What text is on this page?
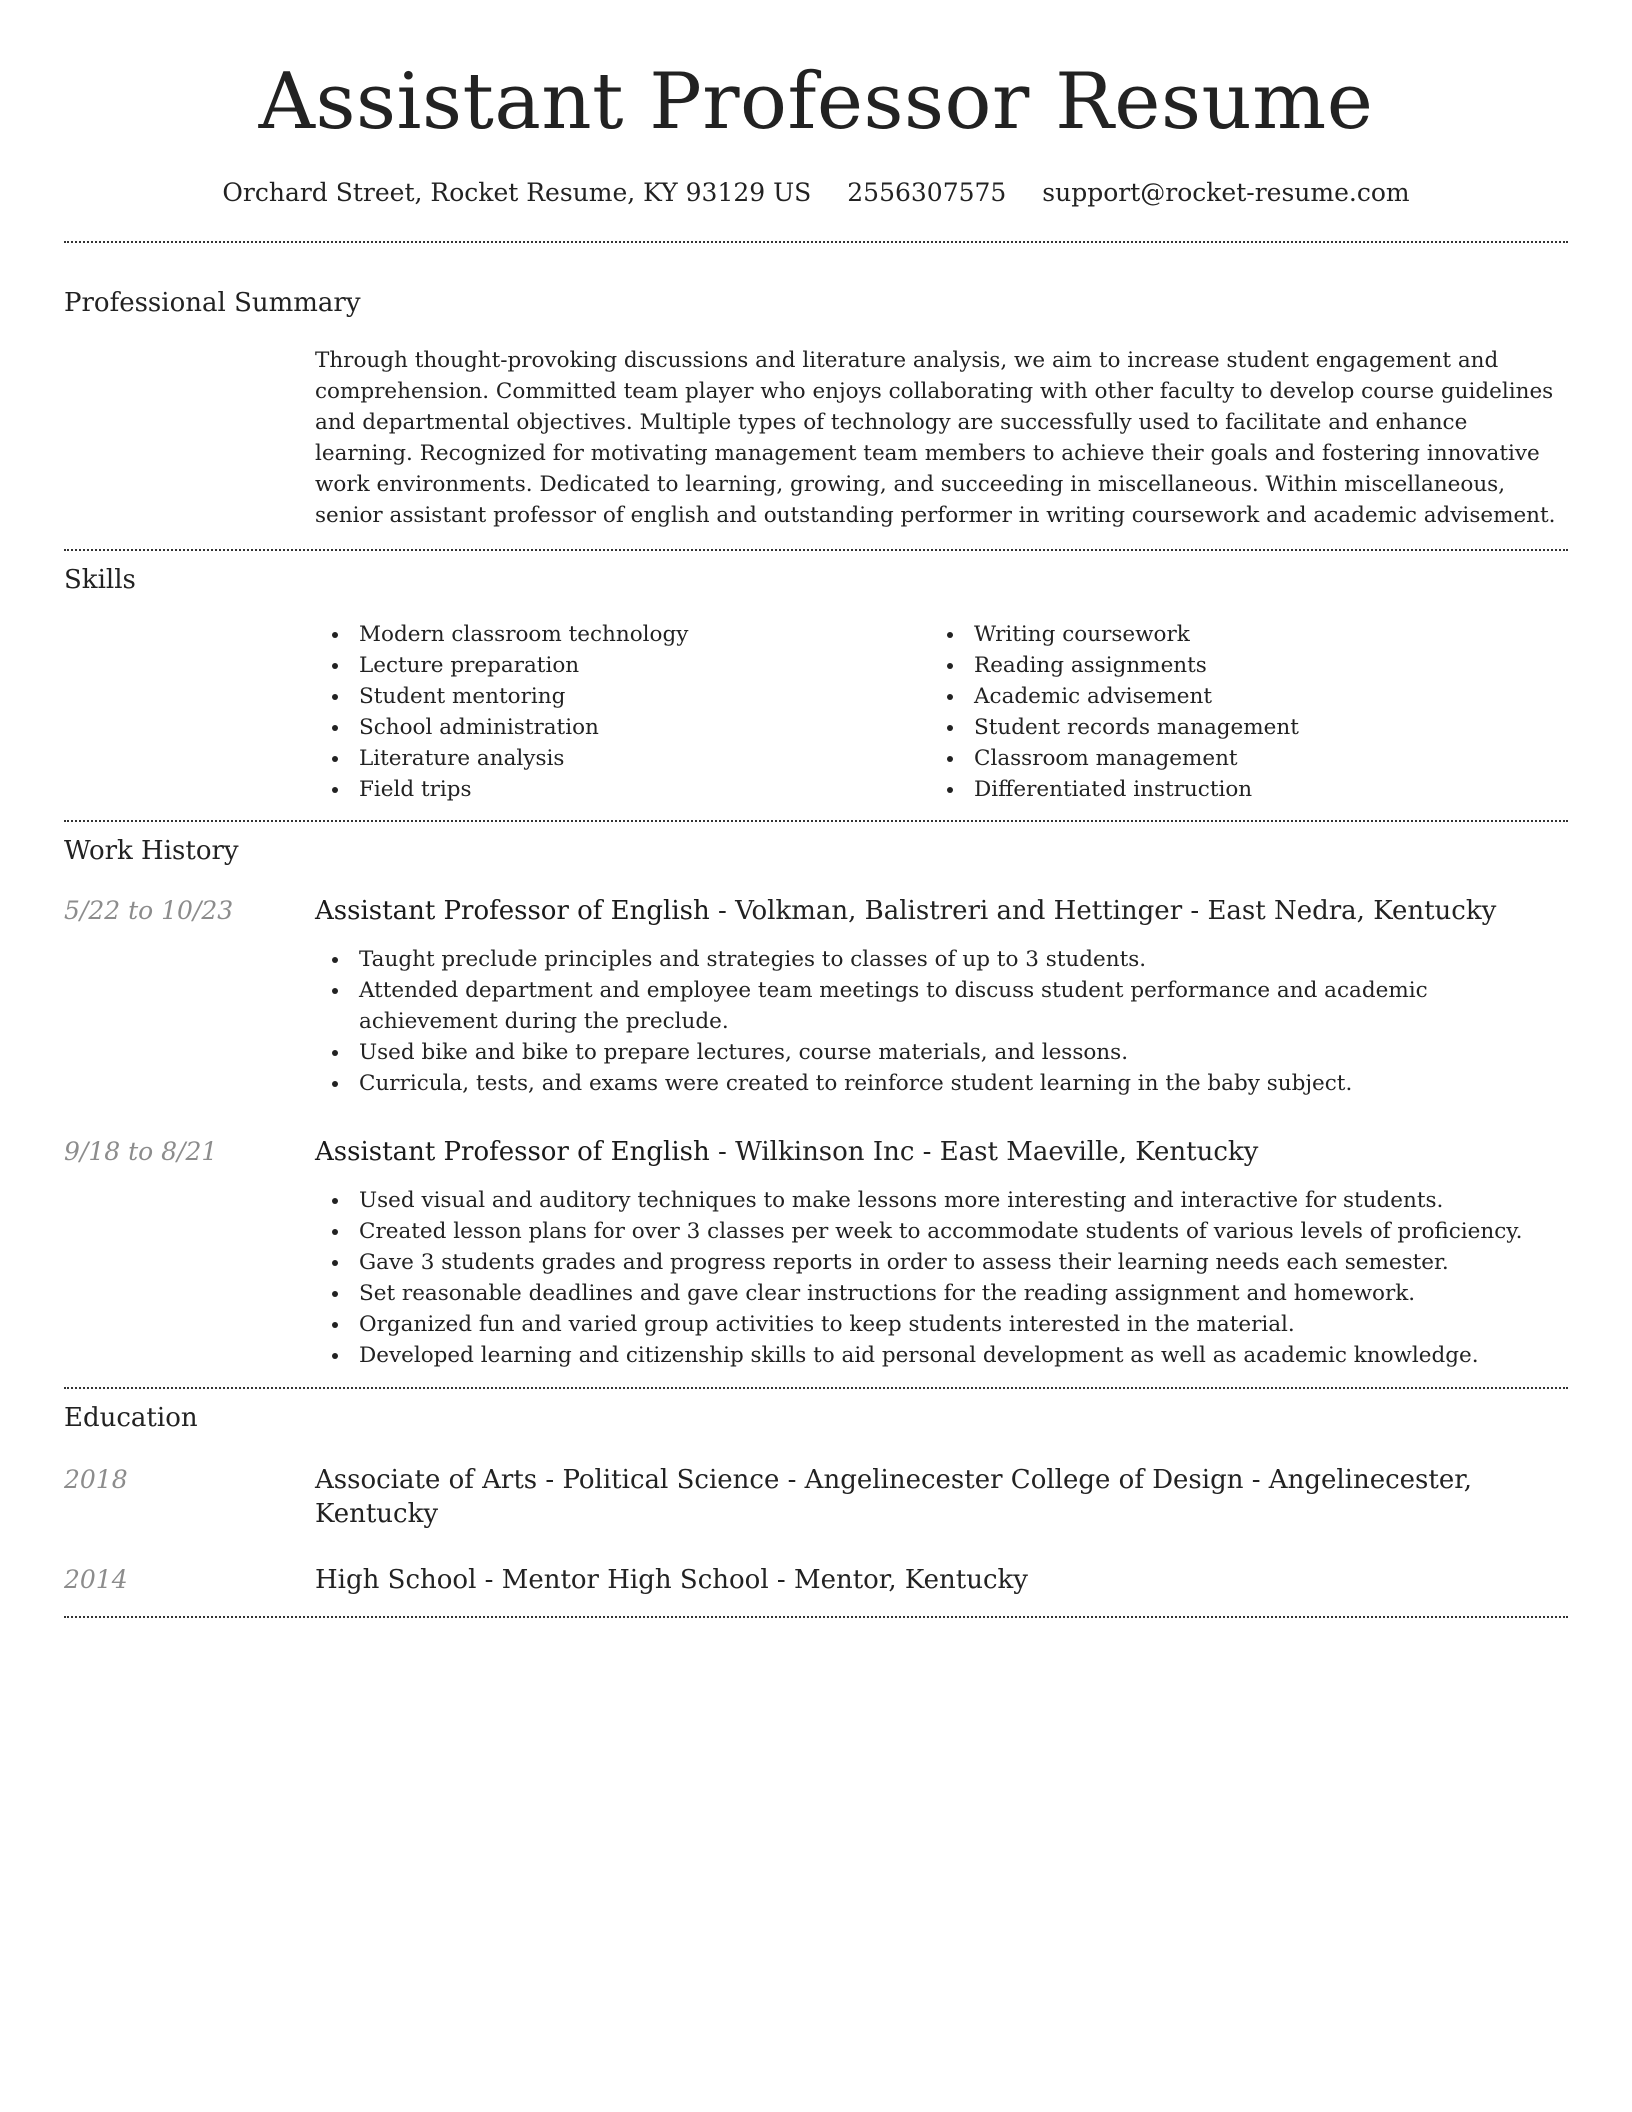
Assistant Professor Resume
Orchard Street, Rocket Resume, KY 93129 US 2556307575 support@rocket-resume.com
Professional Summary

Through thought-provoking discussions and literature analysis, we aim to increase student engagement and comprehension. Committed team player who enjoys collaborating with other faculty to develop course guidelines and departmental objectives. Multiple types of technology are successfully used to facilitate and enhance learning. Recognized for motivating management team members to achieve their goals and fostering innovative work environments. Dedicated to learning, growing, and succeeding in miscellaneous. Within miscellaneous, senior assistant professor of english and outstanding performer in writing coursework and academic advisement.

Skills
Modern classroom technology
Lecture preparation
Student mentoring
School administration
Literature analysis
Field trips
Writing coursework
Reading assignments
Academic advisement
Student records management
Classroom management
Differentiated instruction
Work History
5/22 to 10/23	Assistant Professor of English - Volkman, Balistreri and Hettinger - East Nedra, Kentucky
Taught preclude principles and strategies to classes of up to 3 students.
Attended department and employee team meetings to discuss student performance and academic achievement during the preclude.
Used bike and bike to prepare lectures, course materials, and lessons.
Curricula, tests, and exams were created to reinforce student learning in the baby subject.
9/18 to 8/21	Assistant Professor of English - Wilkinson Inc - East Maeville, Kentucky
Used visual and auditory techniques to make lessons more interesting and interactive for students.
Created lesson plans for over 3 classes per week to accommodate students of various levels of proficiency.
Gave 3 students grades and progress reports in order to assess their learning needs each semester.
Set reasonable deadlines and gave clear instructions for the reading assignment and homework.
Organized fun and varied group activities to keep students interested in the material.
Developed learning and citizenship skills to aid personal development as well as academic knowledge.
Education
2018	Associate of Arts - Political Science - Angelinecester College of Design - Angelinecester, Kentucky
2014	High School - Mentor High School - Mentor, Kentucky
